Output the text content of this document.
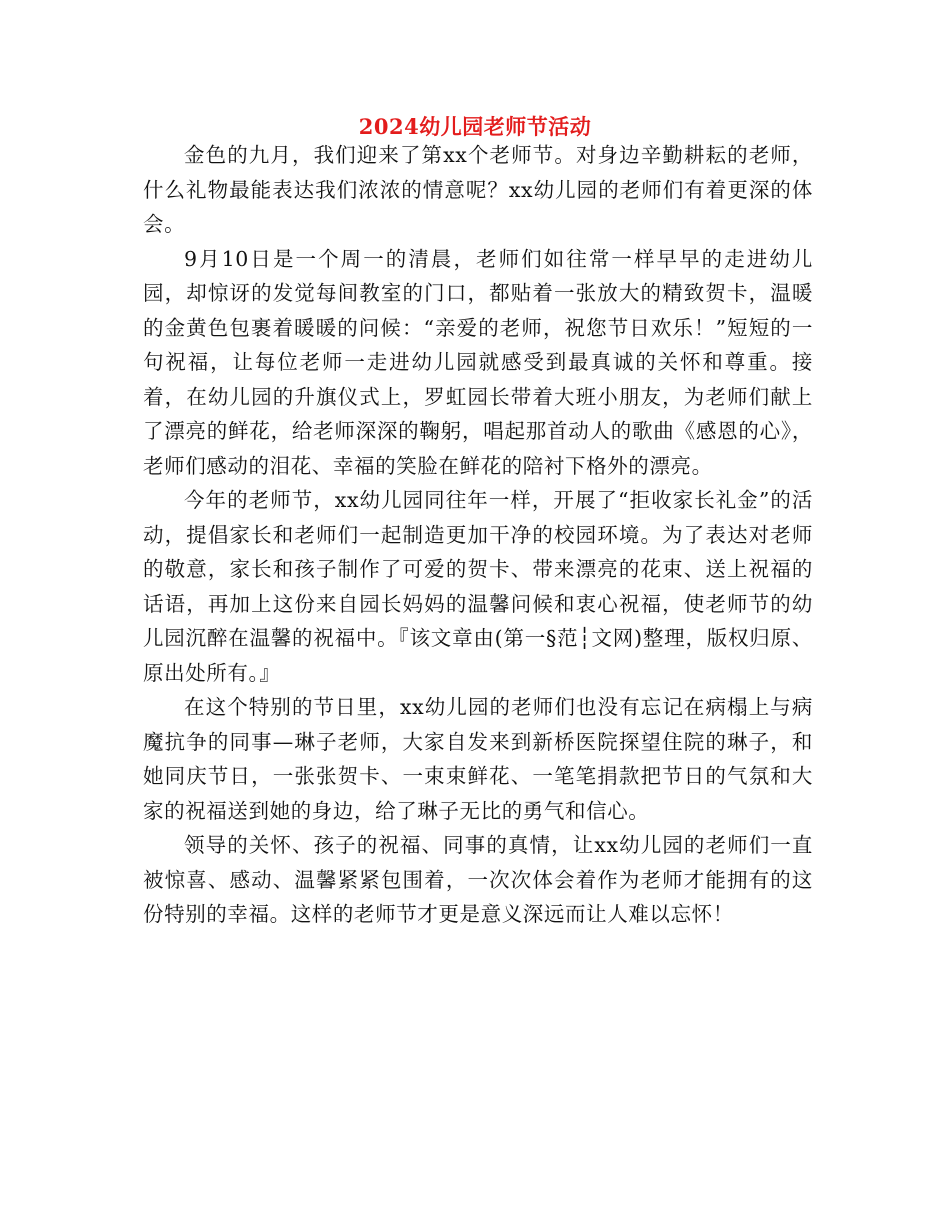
2024幼儿园老师节活动

金色的九月，我们迎来了第xx个老师节。对身边辛勤耕耘的老师，什么礼物最能表达我们浓浓的情意呢？xx幼儿园的老师们有着更深的体会。

9月10日是一个周一的清晨，老师们如往常一样早早的走进幼儿园，却惊讶的发觉每间教室的门口，都贴着一张放大的精致贺卡，温暖的金黄色包裹着暖暖的问候：“亲爱的老师，祝您节日欢乐！”短短的一句祝福，让每位老师一走进幼儿园就感受到最真诚的关怀和尊重。接着，在幼儿园的升旗仪式上，罗虹园长带着大班小朋友，为老师们献上了漂亮的鲜花，给老师深深的鞠躬，唱起那首动人的歌曲《感恩的心》，老师们感动的泪花、幸福的笑脸在鲜花的陪衬下格外的漂亮。

今年的老师节，xx幼儿园同往年一样，开展了“拒收家长礼金”的活动，提倡家长和老师们一起制造更加干净的校园环境。为了表达对老师的敬意，家长和孩子制作了可爱的贺卡、带来漂亮的花束、送上祝福的话语，再加上这份来自园长妈妈的温馨问候和衷心祝福，使老师节的幼儿园沉醉在温馨的祝福中。『该文章由(第一§范┆文网)整理，版权归原、原出处所有。』

在这个特别的节日里，xx幼儿园的老师们也没有忘记在病榻上与病魔抗争的同事—琳子老师，大家自发来到新桥医院探望住院的琳子，和她同庆节日，一张张贺卡、一束束鲜花、一笔笔捐款把节日的气氛和大家的祝福送到她的身边，给了琳子无比的勇气和信心。

领导的关怀、孩子的祝福、同事的真情，让xx幼儿园的老师们一直被惊喜、感动、温馨紧紧包围着，一次次体会着作为老师才能拥有的这份特别的幸福。这样的老师节才更是意义深远而让人难以忘怀！
